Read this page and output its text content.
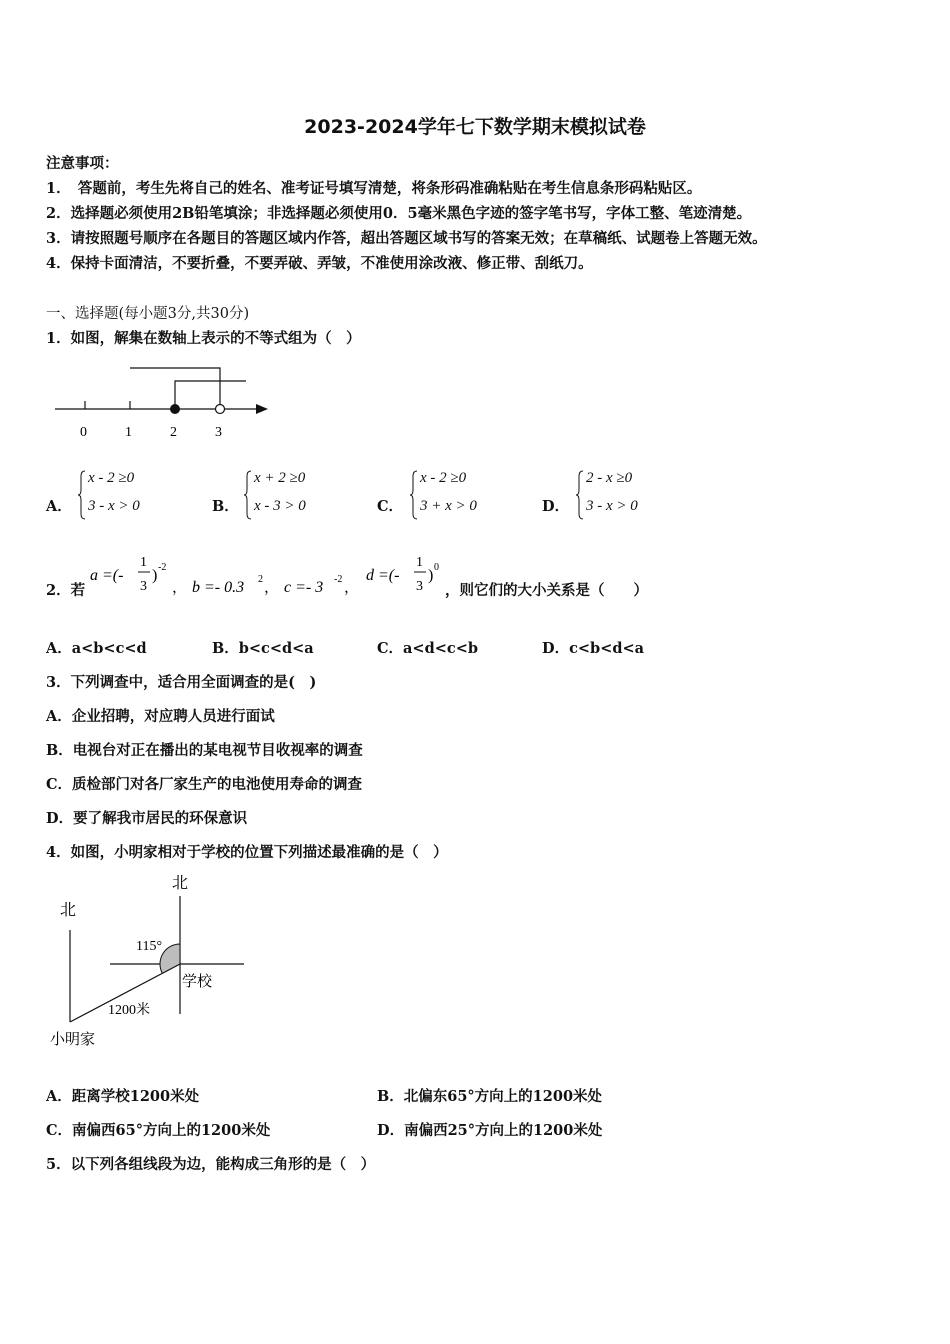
2023-2024学年七下数学期末模拟试卷
注意事项：
1．　答题前，考生先将自己的姓名、准考证号填写清楚，将条形码准确粘贴在考生信息条形码粘贴区。
2．选择题必须使用2B铅笔填涂；非选择题必须使用0．5毫米黑色字迹的签字笔书写，字体工整、笔迹清楚。
3．请按照题号顺序在各题目的答题区域内作答，超出答题区域书写的答案无效；在草稿纸、试题卷上答题无效。
4．保持卡面清洁，不要折叠，不要弄破、弄皱，不准使用涂改液、修正带、刮纸刀。
一、选择题(每小题3分,共30分)
1．如图，解集在数轴上表示的不等式组为（　）
0	1	2	3
A．
x - 2 ≥0
3 - x > 0	B．
x + 2 ≥0
x - 3 > 0	C．
x - 2 ≥0
3 + x > 0	D．
2 - x ≥0
3 - x > 0
2．若
a =(-
1
3
) -2
， b =- 0.3 2
， c =- 3 -2
，
d =(-
1
3
) 0
，则它们的大小关系是（　　）
A．a<b<c<d	B．b<c<d<a	C．a<d<c<b	D．c<b<d<a
3．下列调查中，适合用全面调查的是(　)
A．企业招聘，对应聘人员进行面试
B．电视台对正在播出的某电视节目收视率的调查
C．质检部门对各厂家生产的电池使用寿命的调查
D．要了解我市居民的环保意识
4．如图，小明家相对于学校的位置下列描述最准确的是（　）
北
北
115°
学校
1200米
小明家
A．距离学校1200米处	B．北偏东65°方向上的1200米处
C．南偏西65°方向上的1200米处	D．南偏西25°方向上的1200米处
5．以下列各组线段为边，能构成三角形的是（　）
